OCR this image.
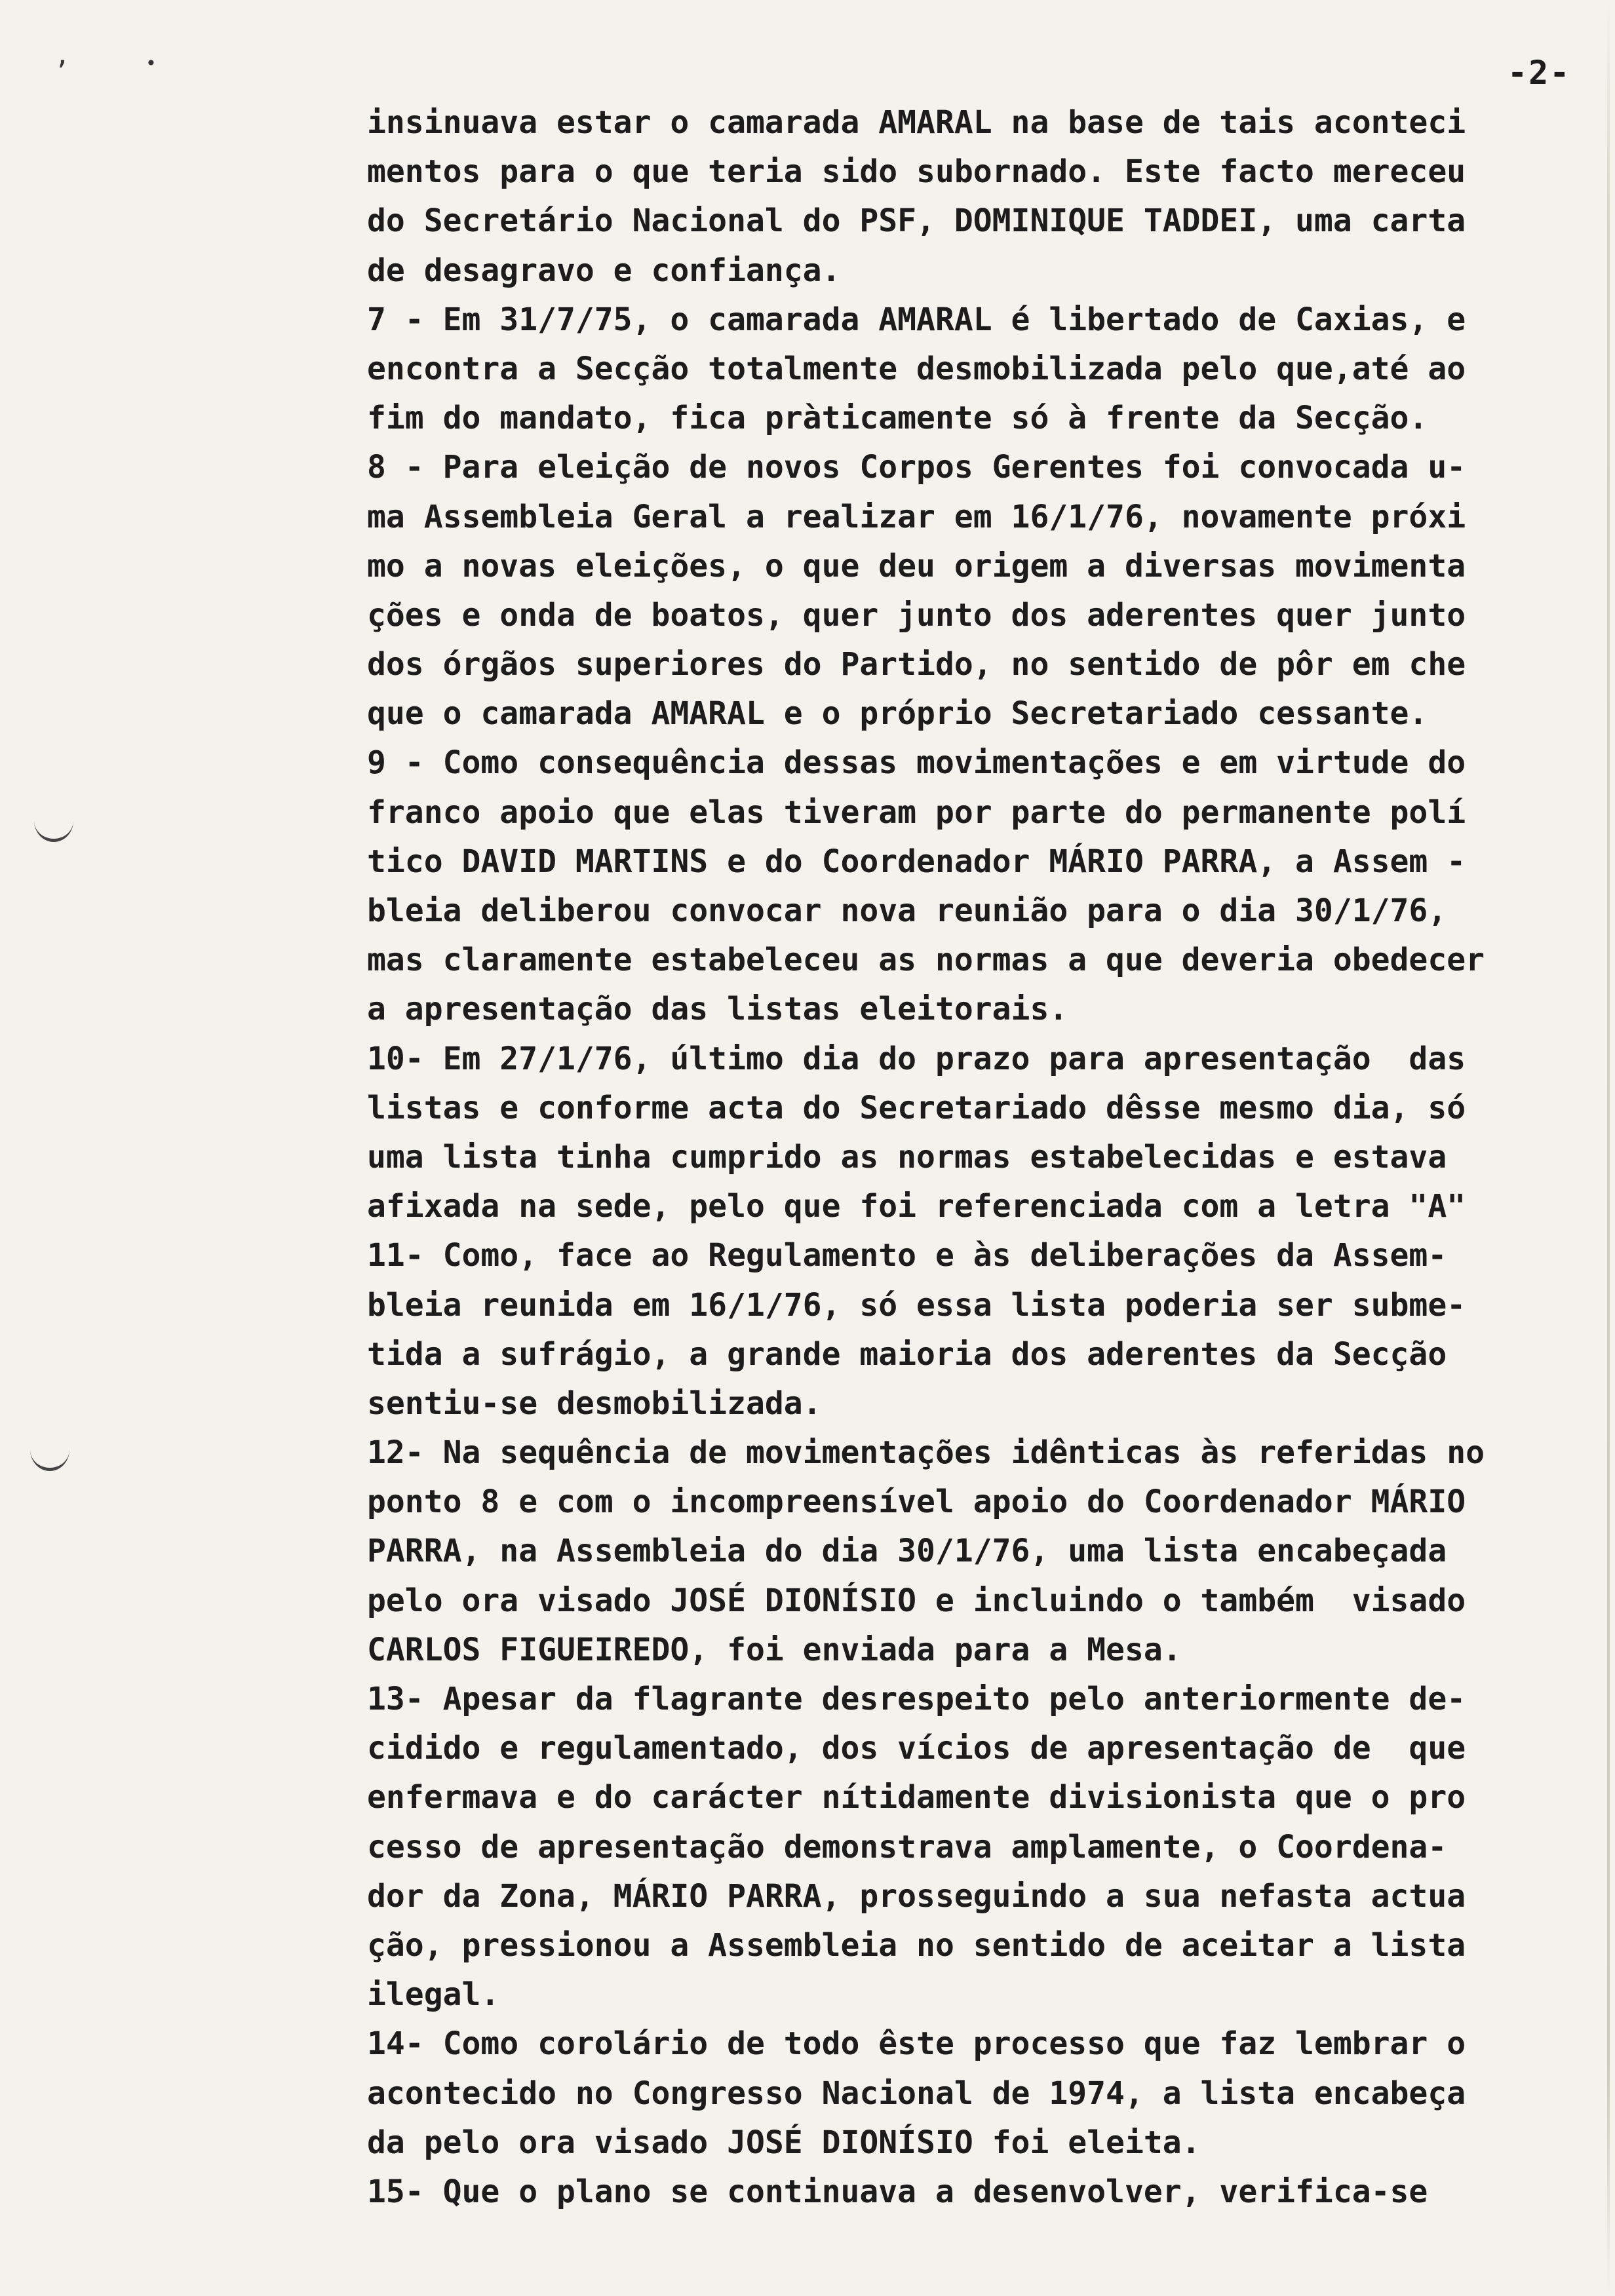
ʼ	•	-2-
insinuava estar o camarada AMARAL na base de tais aconteci
mentos para o que teria sido subornado. Este facto mereceu
do Secretário Nacional do PSF, DOMINIQUE TADDEI, uma carta
de desagravo e confiança.
7 - Em 31/7/75, o camarada AMARAL é libertado de Caxias, e
encontra a Secção totalmente desmobilizada pelo que,até ao
fim do mandato, fica pràticamente só à frente da Secção.
8 - Para eleição de novos Corpos Gerentes foi convocada u-
ma Assembleia Geral a realizar em 16/1/76, novamente próxi
mo a novas eleições, o que deu origem a diversas movimenta
ções e onda de boatos, quer junto dos aderentes quer junto
dos órgãos superiores do Partido, no sentido de pôr em che
que o camarada AMARAL e o próprio Secretariado cessante.
9 - Como consequência dessas movimentações e em virtude do
franco apoio que elas tiveram por parte do permanente polí
tico DAVID MARTINS e do Coordenador MÁRIO PARRA, a Assem -
bleia deliberou convocar nova reunião para o dia 30/1/76,
mas claramente estabeleceu as normas a que deveria obedecer
a apresentação das listas eleitorais.
10- Em 27/1/76, último dia do prazo para apresentação  das
listas e conforme acta do Secretariado dêsse mesmo dia, só
uma lista tinha cumprido as normas estabelecidas e estava
afixada na sede, pelo que foi referenciada com a letra "A"
11- Como, face ao Regulamento e às deliberações da Assem-
bleia reunida em 16/1/76, só essa lista poderia ser subme-
tida a sufrágio, a grande maioria dos aderentes da Secção
sentiu-se desmobilizada.
12- Na sequência de movimentações idênticas às referidas no
ponto 8 e com o incompreensível apoio do Coordenador MÁRIO
PARRA, na Assembleia do dia 30/1/76, uma lista encabeçada
pelo ora visado JOSÉ DIONÍSIO e incluindo o também  visado
CARLOS FIGUEIREDO, foi enviada para a Mesa.
13- Apesar da flagrante desrespeito pelo anteriormente de-
cidido e regulamentado, dos vícios de apresentação de  que
enfermava e do carácter nítidamente divisionista que o pro
cesso de apresentação demonstrava amplamente, o Coordena-
dor da Zona, MÁRIO PARRA, prosseguindo a sua nefasta actua
ção, pressionou a Assembleia no sentido de aceitar a lista
ilegal.
14- Como corolário de todo êste processo que faz lembrar o
acontecido no Congresso Nacional de 1974, a lista encabeça
da pelo ora visado JOSÉ DIONÍSIO foi eleita.
15- Que o plano se continuava a desenvolver, verifica-se
